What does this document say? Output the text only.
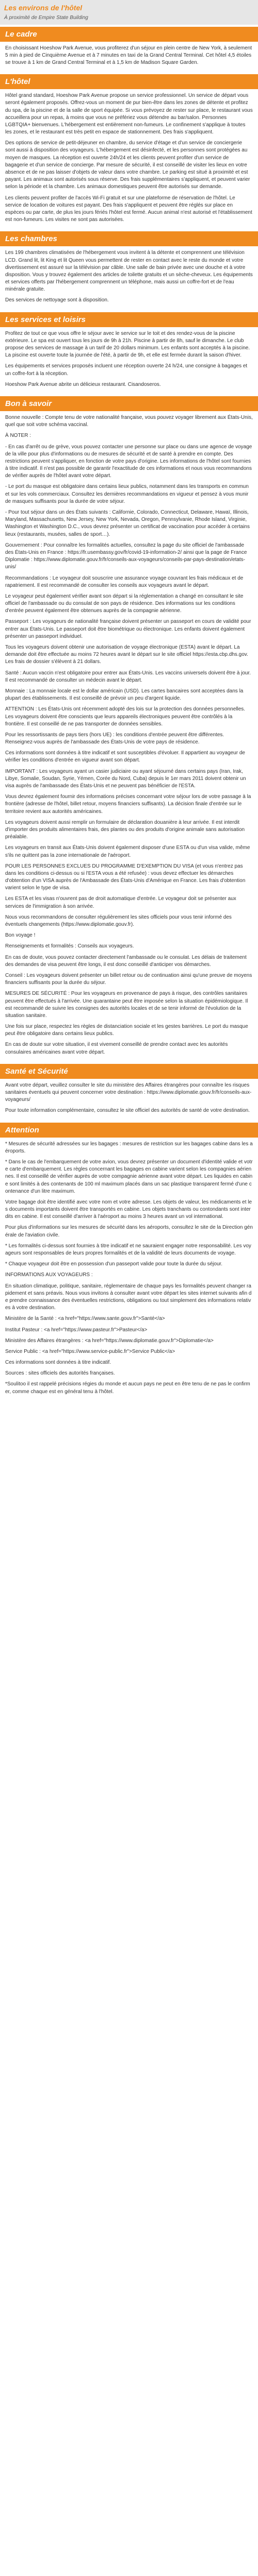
Les environs de l'hôtel
À proximité de Empire State Building
Le cadre

En choisissant Hoeshow Park Avenue, vous profiterez d'un séjour en plein centre de New York, à seulement 5 min à pied de Cinquième Avenue et à 7 minutes en taxi de la Grand Central Terminal. Cet hôtel 4,5 étoiles se trouve à 1 km de Grand Central Terminal et à 1,5 km de Madison Square Garden.

L'hôtel

Hôtel grand standard, Hoeshow Park Avenue propose un service professionnel. Un service de départ vous seront également proposés. Offrez-vous un moment de pur bien-être dans les zones de détente et profitez du spa, de la piscine et de la salle de sport équipée. Si vous prévoyez de rester sur place, le restaurant vous accueillera pour un repas, à moins que vous ne préfériez vous détendre au bar/salon. Personnes LGBTQIA+ bienvenues. L'hébergement est entièrement non-fumeurs. Le confinement s'applique à toutes les zones, et le restaurant est très petit en espace de stationnement. Des frais s'appliquent.

Des options de service de petit-déjeuner en chambre, du service d'étage et d'un service de conciergerie sont aussi à disposition des voyageurs. L'hébergement est désinfecté, et les personnes sont protégées au moyen de masques. La réception est ouverte 24h/24 et les clients peuvent profiter d'un service de bagagerie et d'un service de concierge. Par mesure de sécurité, il est conseillé de visiter les lieux en votre absence et de ne pas laisser d'objets de valeur dans votre chambre. Le parking est situé à proximité et est payant. Les animaux sont autorisés sous réserve. Des frais supplémentaires s'appliquent, et peuvent varier selon la période et la chambre. Les animaux domestiques peuvent être autorisés sur demande.

Les clients peuvent profiter de l'accès Wi-Fi gratuit et sur une plateforme de réservation de l'hôtel. Le service de location de voitures est payant. Des frais s'appliquent et peuvent être réglés sur place en espèces ou par carte, de plus les jours fériés l'hôtel est fermé. Aucun animal n'est autorisé et l'établissement est non-fumeurs. Les visites ne sont pas autorisées.

Les chambres

Les 199 chambres climatisées de l'hébergement vous invitent à la détente et comprennent une télévision LCD. Grand lit, lit King et lit Queen vous permettent de rester en contact avec le reste du monde et votre divertissement est assuré sur la télévision par câble. Une salle de bain privée avec une douche et à votre disposition. Vous y trouvez également des articles de toilette gratuits et un sèche-cheveux. Les équipements et services offerts par l'hébergement comprennent un téléphone, mais aussi un coffre-fort et de l'eau minérale gratuite.

Des services de nettoyage sont à disposition.

Les services et loisirs

Profitez de tout ce que vous offre le séjour avec le service sur le toit et des rendez-vous de la piscine extérieure. Le spa est ouvert tous les jours de 9h à 21h. Piscine à partir de 8h, sauf le dimanche. Le club propose des services de massage à un tarif de 20 dollars minimum. Les enfants sont acceptés à la piscine. La piscine est ouverte toute la journée de l'été, à partir de 9h, et elle est fermée durant la saison d'hiver.

Les équipements et services proposés incluent une réception ouverte 24 h/24, une consigne à bagages et un coffre-fort à la réception.

Hoeshow Park Avenue abrite un délicieux restaurant. Cisandoseros.

Bon à savoir

Bonne nouvelle : Compte tenu de votre nationalité française, vous pouvez voyager librement aux États-Unis, quel que soit votre schéma vaccinal.

À NOTER :

- En cas d'arrêt ou de grève, vous pouvez contacter une personne sur place ou dans une agence de voyage de la ville pour plus d'informations ou de mesures de sécurité et de santé à prendre en compte. Des restrictions peuvent s'appliquer, en fonction de votre pays d'origine. Les informations de l'hôtel sont fournies à titre indicatif. Il n'est pas possible de garantir l'exactitude de ces informations et nous vous recommandons de vérifier auprès de l'hôtel avant votre départ.

- Le port du masque est obligatoire dans certains lieux publics, notamment dans les transports en commun et sur les vols commerciaux. Consultez les dernières recommandations en vigueur et pensez à vous munir de masques suffisants pour la durée de votre séjour.

- Pour tout séjour dans un des États suivants : Californie, Colorado, Connecticut, Delaware, Hawaï, Illinois, Maryland, Massachusetts, New Jersey, New York, Nevada, Oregon, Pennsylvanie, Rhode Island, Virginie, Washington et Washington D.C., vous devrez présenter un certificat de vaccination pour accéder à certains lieux (restaurants, musées, salles de sport…).

Gouvernement : Pour connaître les formalités actuelles, consultez la page du site officiel de l'ambassade des États-Unis en France : https://fr.usembassy.gov/fr/covid-19-information-2/ ainsi que la page de France Diplomatie : https://www.diplomatie.gouv.fr/fr/conseils-aux-voyageurs/conseils-par-pays-destination/etats-unis/

Recommandations : Le voyageur doit souscrire une assurance voyage couvrant les frais médicaux et de rapatriement. Il est recommandé de consulter les conseils aux voyageurs avant le départ.

Le voyageur peut également vérifier avant son départ si la réglementation a changé en consultant le site officiel de l'ambassade ou du consulat de son pays de résidence. Des informations sur les conditions d'entrée peuvent également être obtenues auprès de la compagnie aérienne.

Passeport : Les voyageurs de nationalité française doivent présenter un passeport en cours de validité pour entrer aux États-Unis. Le passeport doit être biométrique ou électronique. Les enfants doivent également présenter un passeport individuel.

Tous les voyageurs doivent obtenir une autorisation de voyage électronique (ESTA) avant le départ. La demande doit être effectuée au moins 72 heures avant le départ sur le site officiel https://esta.cbp.dhs.gov. Les frais de dossier s'élèvent à 21 dollars.

Santé : Aucun vaccin n'est obligatoire pour entrer aux États-Unis. Les vaccins universels doivent être à jour. Il est recommandé de consulter un médecin avant le départ.

Monnaie : La monnaie locale est le dollar américain (USD). Les cartes bancaires sont acceptées dans la plupart des établissements. Il est conseillé de prévoir un peu d'argent liquide.

ATTENTION : Les États-Unis ont récemment adopté des lois sur la protection des données personnelles. Les voyageurs doivent être conscients que leurs appareils électroniques peuvent être contrôlés à la frontière. Il est conseillé de ne pas transporter de données sensibles.

Pour les ressortissants de pays tiers (hors UE) : les conditions d'entrée peuvent être différentes. Renseignez-vous auprès de l'ambassade des États-Unis de votre pays de résidence.

Ces informations sont données à titre indicatif et sont susceptibles d'évoluer. Il appartient au voyageur de vérifier les conditions d'entrée en vigueur avant son départ.

IMPORTANT : Les voyageurs ayant un casier judiciaire ou ayant séjourné dans certains pays (Iran, Irak, Libye, Somalie, Soudan, Syrie, Yémen, Corée du Nord, Cuba) depuis le 1er mars 2011 doivent obtenir un visa auprès de l'ambassade des États-Unis et ne peuvent pas bénéficier de l'ESTA.

Vous devrez également fournir des informations précises concernant votre séjour lors de votre passage à la frontière (adresse de l'hôtel, billet retour, moyens financiers suffisants). La décision finale d'entrée sur le territoire revient aux autorités américaines.

Les voyageurs doivent aussi remplir un formulaire de déclaration douanière à leur arrivée. Il est interdit d'importer des produits alimentaires frais, des plantes ou des produits d'origine animale sans autorisation préalable.

Les voyageurs en transit aux États-Unis doivent également disposer d'une ESTA ou d'un visa valide, même s'ils ne quittent pas la zone internationale de l'aéroport.

POUR LES PERSONNES EXCLUES DU PROGRAMME D'EXEMPTION DU VISA (et vous n'entrez pas dans les conditions ci-dessus ou si l'ESTA vous a été refusée) : vous devez effectuer les démarches d'obtention d'un VISA auprès de l'Ambassade des États-Unis d'Amérique en France. Les frais d'obtention varient selon le type de visa.

Les ESTA et les visas n'ouvrent pas de droit automatique d'entrée. Le voyageur doit se présenter aux services de l'immigration à son arrivée.

Nous vous recommandons de consulter régulièrement les sites officiels pour vous tenir informé des éventuels changements (https://www.diplomatie.gouv.fr).

Bon voyage !

Renseignements et formalités : Conseils aux voyageurs.

En cas de doute, vous pouvez contacter directement l'ambassade ou le consulat. Les délais de traitement des demandes de visa peuvent être longs, il est donc conseillé d'anticiper vos démarches.

Conseil : Les voyageurs doivent présenter un billet retour ou de continuation ainsi qu'une preuve de moyens financiers suffisants pour la durée du séjour.

MESURES DE SÉCURITÉ : Pour les voyageurs en provenance de pays à risque, des contrôles sanitaires peuvent être effectués à l'arrivée. Une quarantaine peut être imposée selon la situation épidémiologique. Il est recommandé de suivre les consignes des autorités locales et de se tenir informé de l'évolution de la situation sanitaire.

Une fois sur place, respectez les règles de distanciation sociale et les gestes barrières. Le port du masque peut être obligatoire dans certains lieux publics.

En cas de doute sur votre situation, il est vivement conseillé de prendre contact avec les autorités consulaires américaines avant votre départ.

Santé et Sécurité

Avant votre départ, veuillez consulter le site du ministère des Affaires étrangères pour connaître les risques sanitaires éventuels qui peuvent concerner votre destination : https://www.diplomatie.gouv.fr/fr/conseils-aux-voyageurs/

Pour toute information complémentaire, consultez le site officiel des autorités de santé de votre destination.

Attention

* Mesures de sécurité adressées sur les bagages : mesures de restriction sur les bagages cabine dans les aéroports.

* Dans le cas de l'embarquement de votre avion, vous devrez présenter un document d'identité valide et votre carte d'embarquement. Les règles concernant les bagages en cabine varient selon les compagnies aériennes. Il est conseillé de vérifier auprès de votre compagnie aérienne avant votre départ. Les liquides en cabine sont limités à des contenants de 100 ml maximum placés dans un sac plastique transparent fermé d'une contenance d'un litre maximum.

Votre bagage doit être identifié avec votre nom et votre adresse. Les objets de valeur, les médicaments et les documents importants doivent être transportés en cabine. Les objets tranchants ou contondants sont interdits en cabine. Il est conseillé d'arriver à l'aéroport au moins 3 heures avant un vol international.

Pour plus d'informations sur les mesures de sécurité dans les aéroports, consultez le site de la Direction générale de l'aviation civile.

* Les formalités ci-dessus sont fournies à titre indicatif et ne sauraient engager notre responsabilité. Les voyageurs sont responsables de leurs propres formalités et de la validité de leurs documents de voyage.

* Chaque voyageur doit être en possession d'un passeport valide pour toute la durée du séjour.

INFORMATIONS AUX VOYAGEURS :

En situation climatique, politique, sanitaire, réglementaire de chaque pays les formalités peuvent changer rapidement et sans préavis. Nous vous invitons à consulter avant votre départ les sites internet suivants afin de prendre connaissance des éventuelles restrictions, obligations ou tout simplement des informations relatives à votre destination.

Ministère de la Santé : <a href="https://www.sante.gouv.fr">Santé</a>

Institut Pasteur : <a href="https://www.pasteur.fr">Pasteur</a>

Ministère des Affaires étrangères : <a href="https://www.diplomatie.gouv.fr">Diplomatie</a>

Service Public : <a href="https://www.service-public.fr">Service Public</a>

Ces informations sont données à titre indicatif.

Sources : sites officiels des autorités françaises.

*Soulitoo il est rappelé précisions régies du monde et aucun pays ne peut en être tenu de ne pas le confirmer, comme chaque est en général tenu à l'hôtel.
